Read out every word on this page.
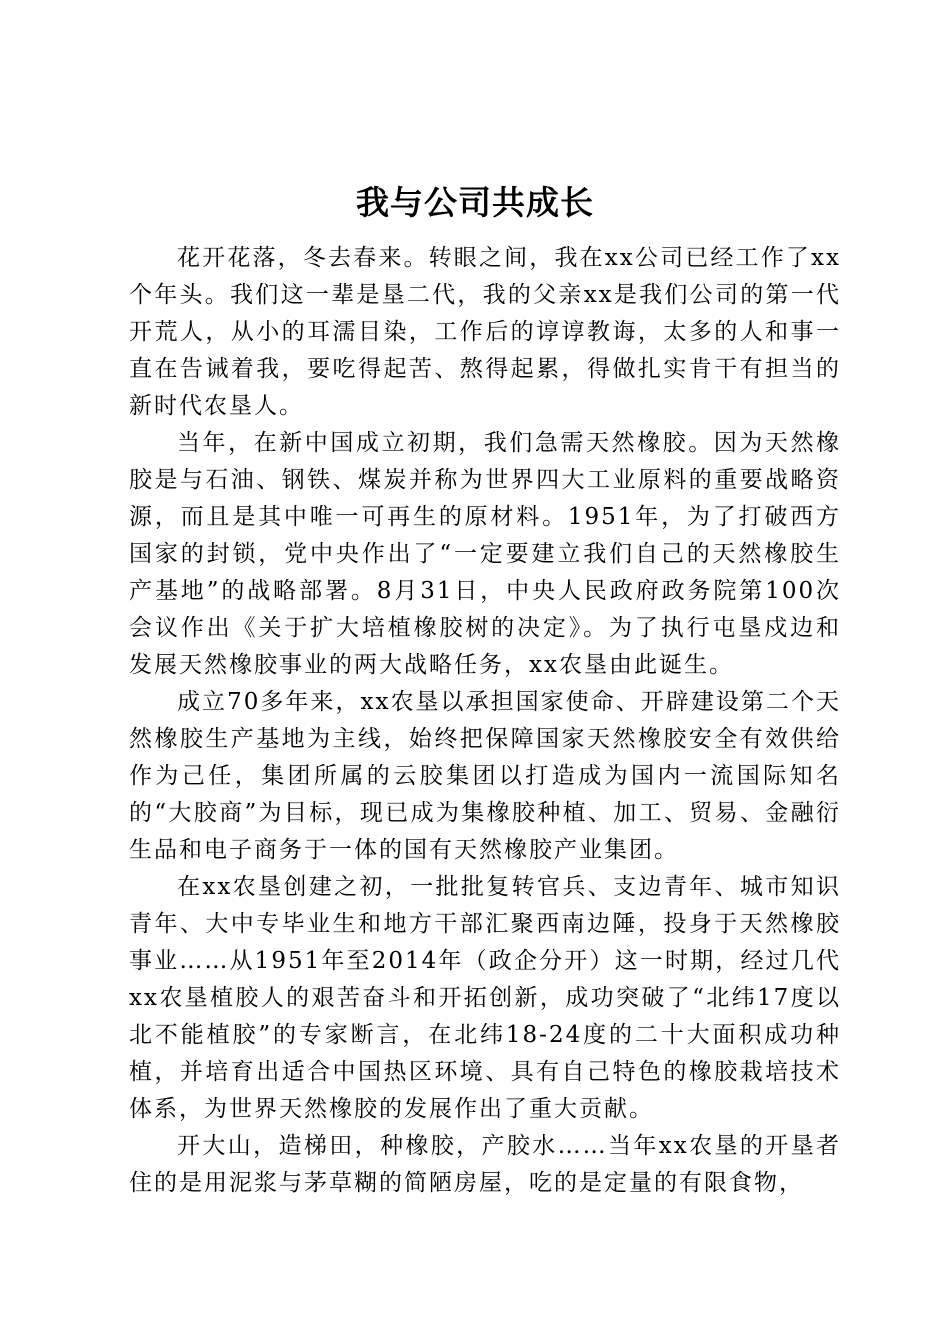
我与公司共成长

花开花落，冬去春来。转眼之间，我在xx公司已经工作了xx个年头。我们这一辈是垦二代，我的父亲xx是我们公司的第一代开荒人，从小的耳濡目染，工作后的谆谆教诲，太多的人和事一直在告诫着我，要吃得起苦、熬得起累，得做扎实肯干有担当的新时代农垦人。

当年，在新中国成立初期，我们急需天然橡胶。因为天然橡胶是与石油、钢铁、煤炭并称为世界四大工业原料的重要战略资源，而且是其中唯一可再生的原材料。1951年，为了打破西方国家的封锁，党中央作出了“一定要建立我们自己的天然橡胶生产基地”的战略部署。8月31日，中央人民政府政务院第100次会议作出《关于扩大培植橡胶树的决定》。为了执行屯垦戍边和发展天然橡胶事业的两大战略任务，xx农垦由此诞生。

成立70多年来，xx农垦以承担国家使命、开辟建设第二个天然橡胶生产基地为主线，始终把保障国家天然橡胶安全有效供给作为己任，集团所属的云胶集团以打造成为国内一流国际知名的“大胶商”为目标，现已成为集橡胶种植、加工、贸易、金融衍生品和电子商务于一体的国有天然橡胶产业集团。

在xx农垦创建之初，一批批复转官兵、支边青年、城市知识青年、大中专毕业生和地方干部汇聚西南边陲，投身于天然橡胶事业……从1951年至2014年（政企分开）这一时期，经过几代xx农垦植胶人的艰苦奋斗和开拓创新，成功突破了“北纬17度以北不能植胶”的专家断言，在北纬18-24度的二十大面积成功种植，并培育出适合中国热区环境、具有自己特色的橡胶栽培技术体系，为世界天然橡胶的发展作出了重大贡献。

开大山，造梯田，种橡胶，产胶水……当年xx农垦的开垦者住的是用泥浆与茅草糊的简陋房屋，吃的是定量的有限食物，
